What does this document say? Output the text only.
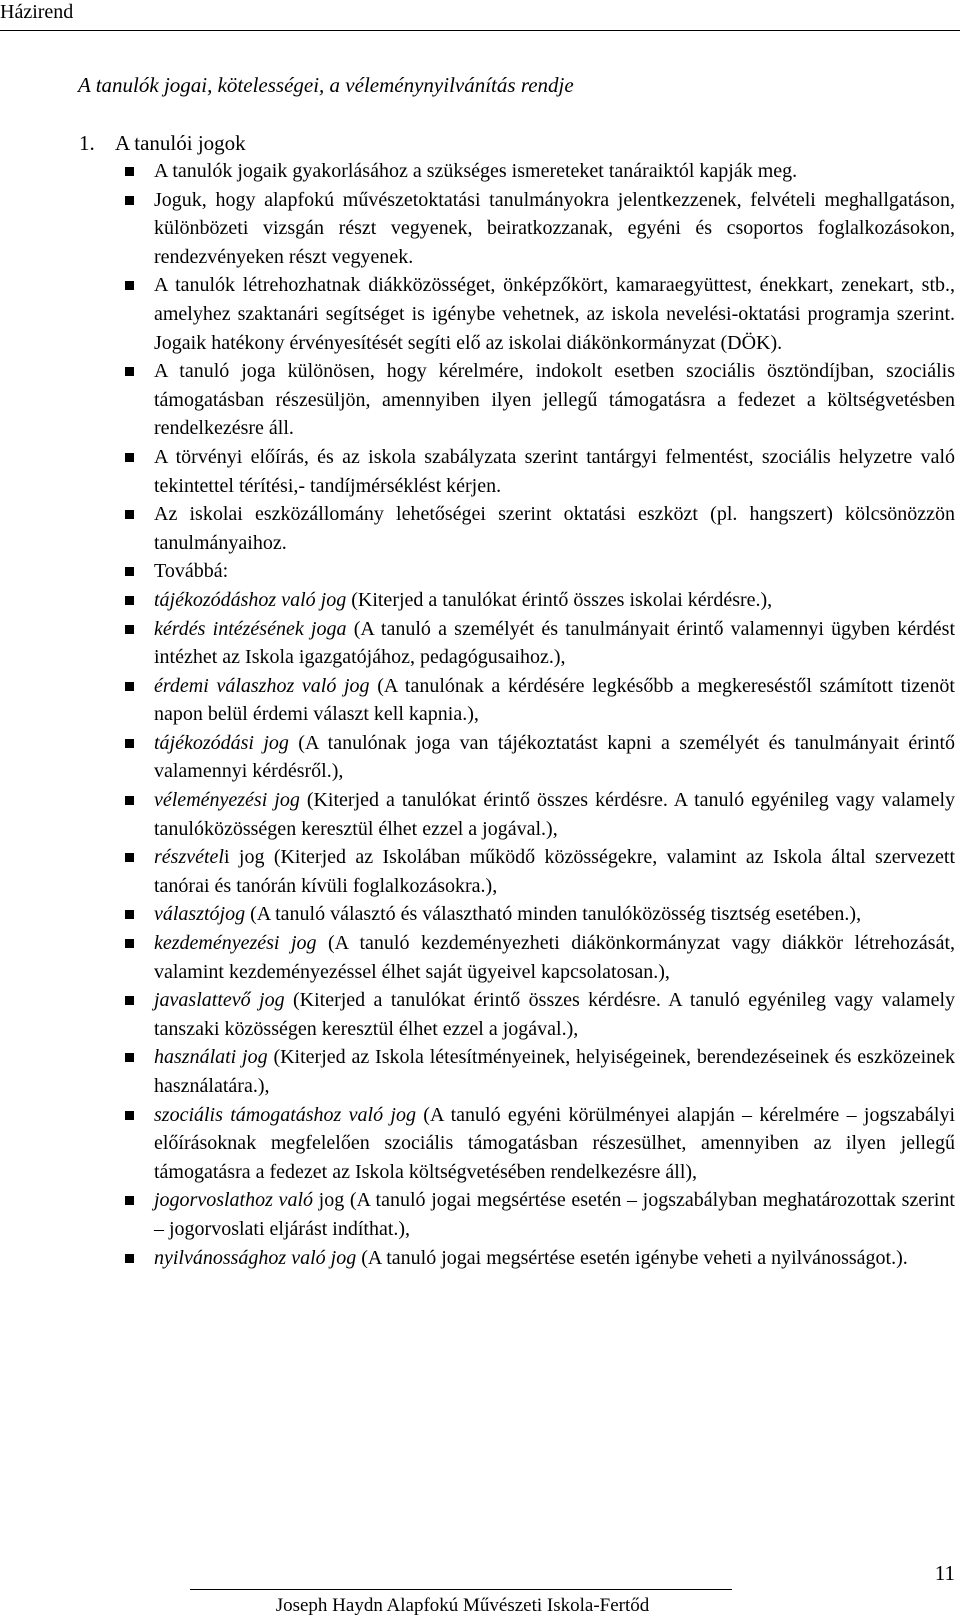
Házirend
A tanulók jogai, kötelességei, a véleménynyilvánítás rendje
1. A tanulói jogok
A tanulók jogaik gyakorlásához a szükséges ismereteket tanáraiktól kapják meg.
Joguk, hogy alapfokú művészetoktatási tanulmányokra jelentkezzenek, felvételi meghallgatáson, különbözeti vizsgán részt vegyenek, beiratkozzanak, egyéni és csoportos foglalkozásokon, rendezvényeken részt vegyenek.
A tanulók létrehozhatnak diákközösséget, önképzőkört, kamaraegyüttest, énekkart, zenekart, stb., amelyhez szaktanári segítséget is igénybe vehetnek, az iskola nevelési-oktatási programja szerint. Jogaik hatékony érvényesítését segíti elő az iskolai diákönkormányzat (DÖK).
A tanuló joga különösen, hogy kérelmére, indokolt esetben szociális ösztöndíjban, szociális támogatásban részesüljön, amennyiben ilyen jellegű támogatásra a fedezet a költségvetésben rendelkezésre áll.
A törvényi előírás, és az iskola szabályzata szerint tantárgyi felmentést, szociális helyzetre való tekintettel térítési,- tandíjmérséklést kérjen.
Az iskolai eszközállomány lehetőségei szerint oktatási eszközt (pl. hangszert) kölcsönözzön tanulmányaihoz.
Továbbá:
tájékozódáshoz való jog (Kiterjed a tanulókat érintő összes iskolai kérdésre.),
kérdés intézésének joga (A tanuló a személyét és tanulmányait érintő valamennyi ügyben kérdést intézhet az Iskola igazgatójához, pedagógusaihoz.),
érdemi válaszhoz való jog (A tanulónak a kérdésére legkésőbb a megkereséstől számított tizenöt napon belül érdemi választ kell kapnia.),
tájékozódási jog (A tanulónak joga van tájékoztatást kapni a személyét és tanulmányait érintő valamennyi kérdésről.),
véleményezési jog (Kiterjed a tanulókat érintő összes kérdésre. A tanuló egyénileg vagy valamely tanulóközösségen keresztül élhet ezzel a jogával.),
részvételi jog (Kiterjed az Iskolában működő közösségekre, valamint az Iskola által szervezett tanórai és tanórán kívüli foglalkozásokra.),
választójog (A tanuló választó és választható minden tanulóközösség tisztség esetében.),
kezdeményezési jog (A tanuló kezdeményezheti diákönkormányzat vagy diákkör létrehozását, valamint kezdeményezéssel élhet saját ügyeivel kapcsolatosan.),
javaslattevő jog (Kiterjed a tanulókat érintő összes kérdésre. A tanuló egyénileg vagy valamely tanszaki közösségen keresztül élhet ezzel a jogával.),
használati jog (Kiterjed az Iskola létesítményeinek, helyiségeinek, berendezéseinek és eszközeinek használatára.),
szociális támogatáshoz való jog (A tanuló egyéni körülményei alapján – kérelmére – jogszabályi előírásoknak megfelelően szociális támogatásban részesülhet, amennyiben az ilyen jellegű támogatásra a fedezet az Iskola költségvetésében rendelkezésre áll),
jogorvoslathoz való jog (A tanuló jogai megsértése esetén – jogszabályban meghatározottak szerint – jogorvoslati eljárást indíthat.),
nyilvánossághoz való jog (A tanuló jogai megsértése esetén igénybe veheti a nyilvánosságot.).
Joseph Haydn Alapfokú Művészeti Iskola-Fertőd
11
